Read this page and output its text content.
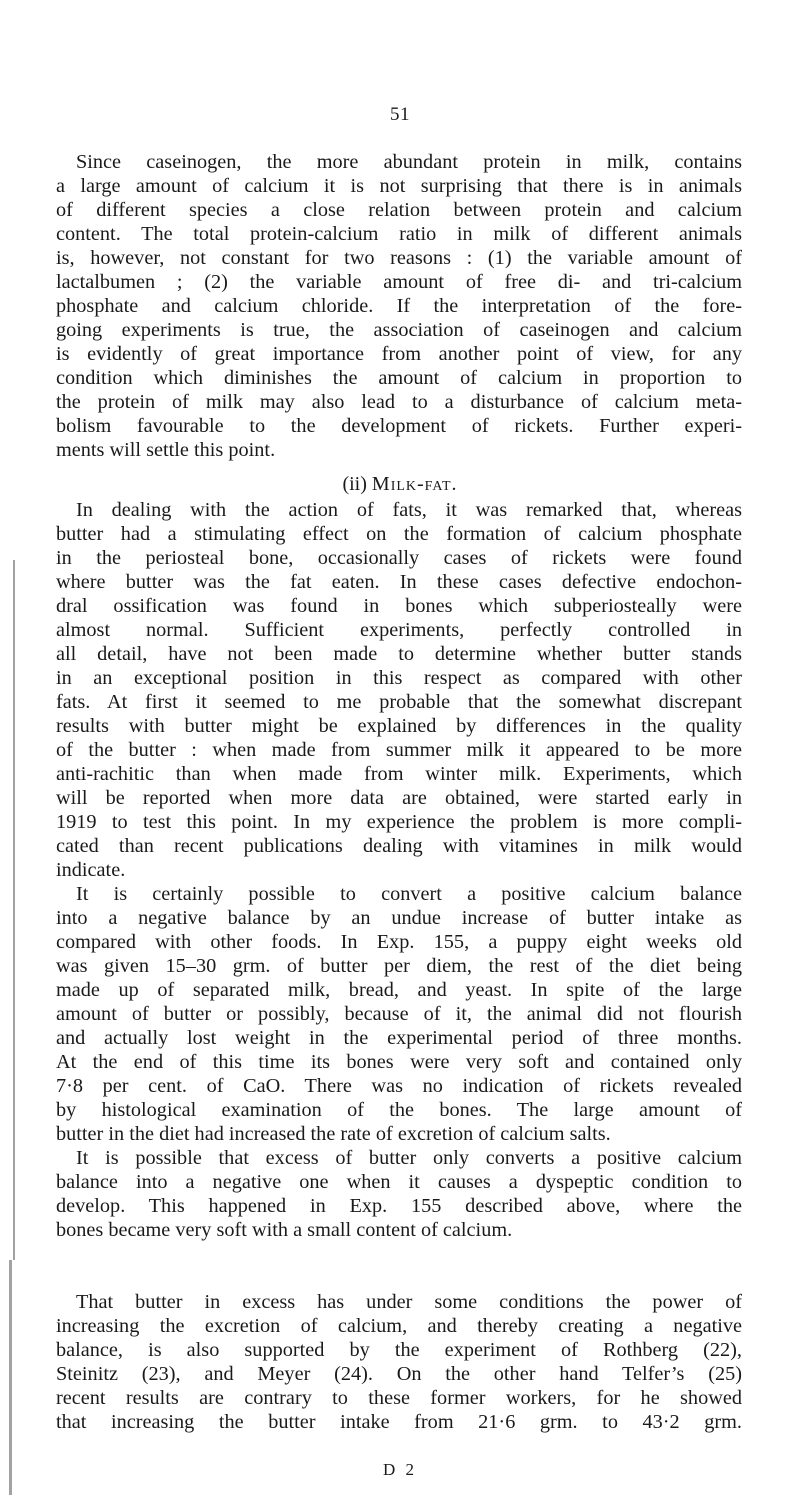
51
Since caseinogen, the more abundant protein in milk, contains
a large amount of calcium it is not surprising that there is in animals
of different species a close relation between protein and calcium
content. The total protein-calcium ratio in milk of different animals
is, however, not constant for two reasons : (1) the variable amount of
lactalbumen ; (2) the variable amount of free di- and tri-calcium
phosphate and calcium chloride. If the interpretation of the fore-
going experiments is true, the association of caseinogen and calcium
is evidently of great importance from another point of view, for any
condition which diminishes the amount of calcium in proportion to
the protein of milk may also lead to a disturbance of calcium meta-
bolism favourable to the development of rickets. Further experi-
ments will settle this point.
(ii) Milk-fat.
In dealing with the action of fats, it was remarked that, whereas
butter had a stimulating effect on the formation of calcium phosphate
in the periosteal bone, occasionally cases of rickets were found
where butter was the fat eaten. In these cases defective endochon-
dral ossification was found in bones which subperiosteally were
almost normal. Sufficient experiments, perfectly controlled in
all detail, have not been made to determine whether butter stands
in an exceptional position in this respect as compared with other
fats. At first it seemed to me probable that the somewhat discrepant
results with butter might be explained by differences in the quality
of the butter : when made from summer milk it appeared to be more
anti-rachitic than when made from winter milk. Experiments, which
will be reported when more data are obtained, were started early in
1919 to test this point. In my experience the problem is more compli-
cated than recent publications dealing with vitamines in milk would
indicate.
It is certainly possible to convert a positive calcium balance
into a negative balance by an undue increase of butter intake as
compared with other foods. In Exp. 155, a puppy eight weeks old
was given 15–30 grm. of butter per diem, the rest of the diet being
made up of separated milk, bread, and yeast. In spite of the large
amount of butter or possibly, because of it, the animal did not flourish
and actually lost weight in the experimental period of three months.
At the end of this time its bones were very soft and contained only
7·8 per cent. of CaO. There was no indication of rickets revealed
by histological examination of the bones. The large amount of
butter in the diet had increased the rate of excretion of calcium salts.
It is possible that excess of butter only converts a positive calcium
balance into a negative one when it causes a dyspeptic condition to
develop. This happened in Exp. 155 described above, where the
bones became very soft with a small content of calcium.
That butter in excess has under some conditions the power of
increasing the excretion of calcium, and thereby creating a negative
balance, is also supported by the experiment of Rothberg (22),
Steinitz (23), and Meyer (24). On the other hand Telfer’s (25)
recent results are contrary to these former workers, for he showed
that increasing the butter intake from 21·6 grm. to 43·2 grm.
D 2
